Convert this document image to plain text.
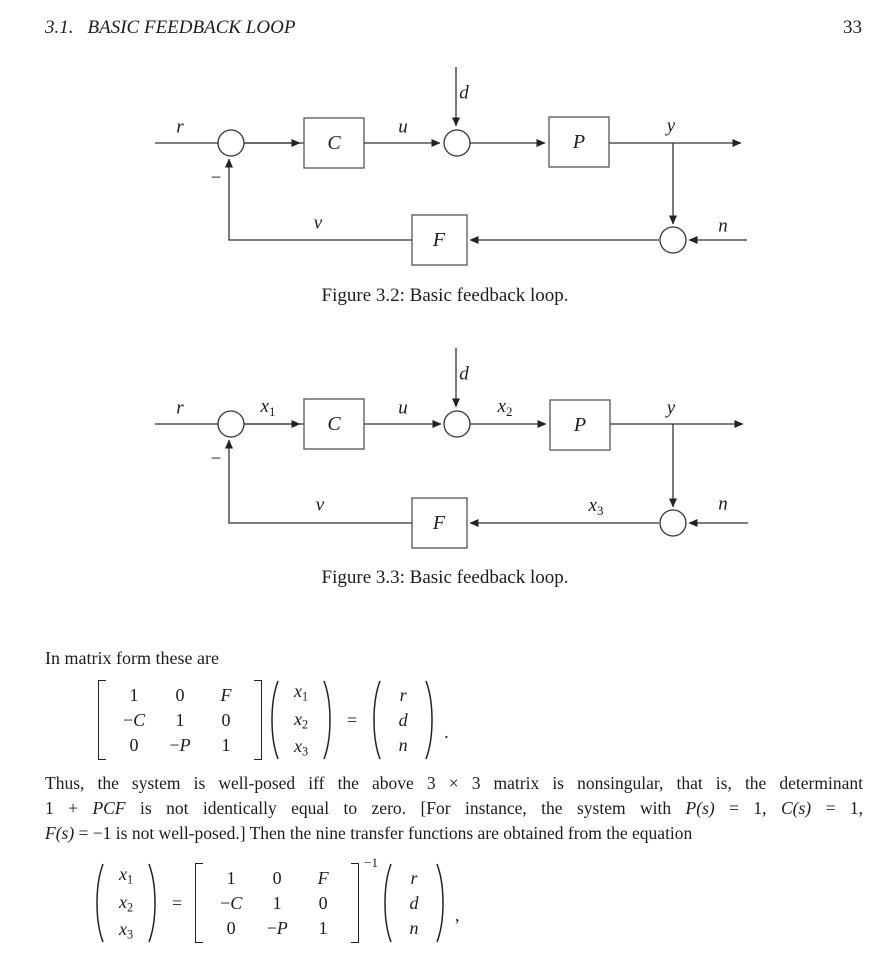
3.1. BASIC FEEDBACK LOOP	33
r
C
u
d
P
y
n
F
v
−
Figure 3.2: Basic feedback loop.
r	x1
C
u
d
x2
P
y
x3	n
F
v
−
Figure 3.3: Basic feedback loop.
In matrix form these are
1	0	F
−C	1	0
0	−P	1
x1
x2
x3
=
r
d
n
.
Thus, the system is well-posed iff the above 3 × 3 matrix is nonsingular, that is, the determinant
1 + PCF is not identically equal to zero. [For instance, the system with P(s) = 1, C(s) = 1,
F(s) = −1 is not well-posed.] Then the nine transfer functions are obtained from the equation
x1
x2
x3
=
1	0	F
−C	1	0
0	−P	1
−1
r
d
n
,
